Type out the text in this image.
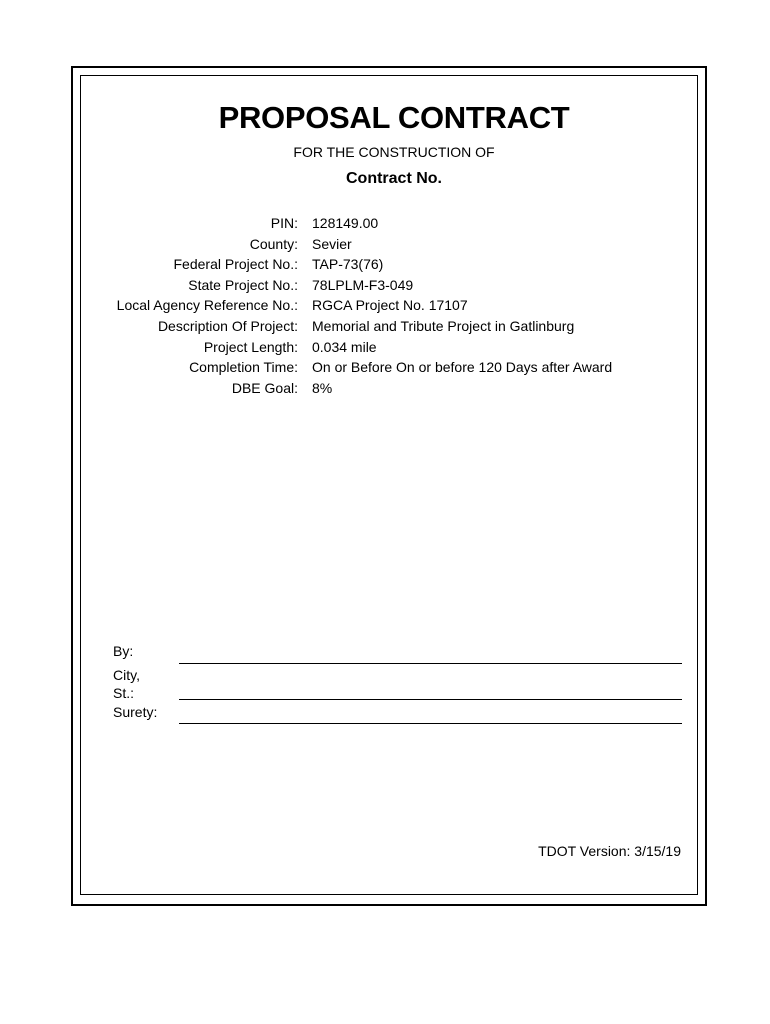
PROPOSAL CONTRACT
FOR THE CONSTRUCTION OF
Contract No.
PIN:	128149.00
County:	Sevier
Federal Project No.:	TAP-73(76)
State Project No.:	78LPLM-F3-049
Local Agency Reference No.:	RGCA Project No. 17107
Description Of Project:	Memorial and Tribute Project in Gatlinburg
Project Length:	0.034 mile
Completion Time:	On or Before On or before 120 Days after Award
DBE Goal:	8%
By:
City,
St.:
Surety:
TDOT Version: 3/15/19
